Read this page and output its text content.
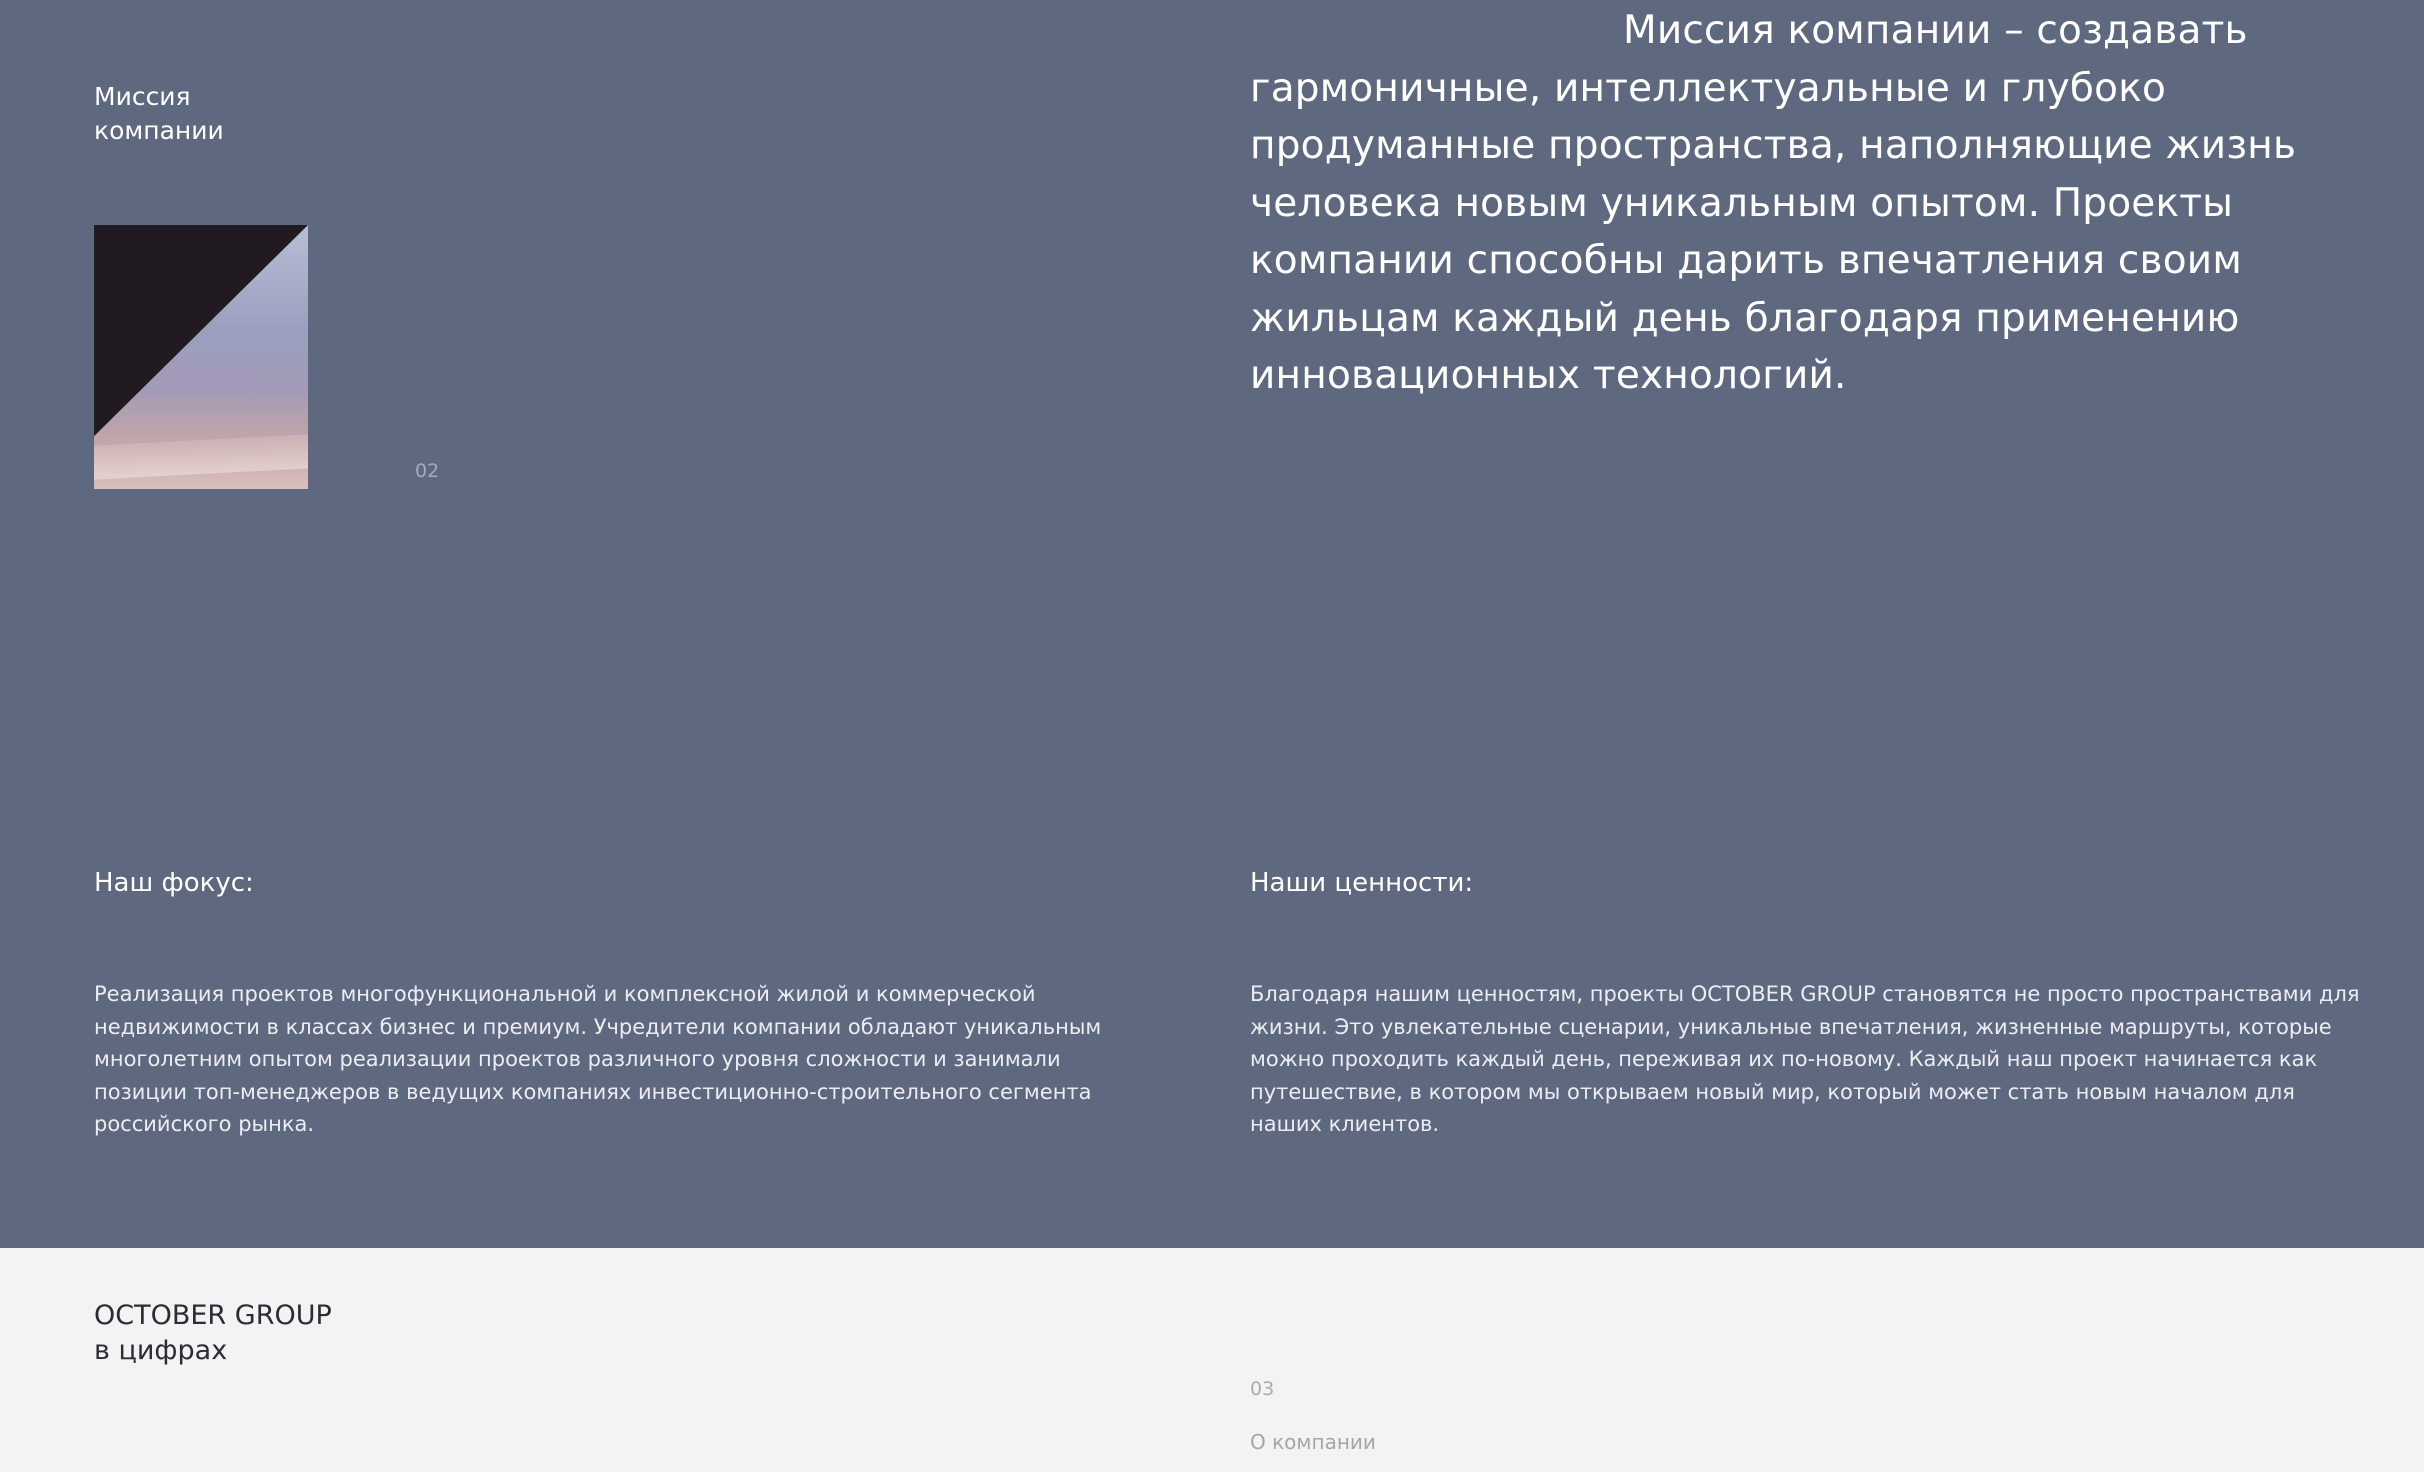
Миссия
компании
02

Миссия компании – создавать гармоничные, интеллектуальные и глубоко продуманные пространства, наполняющие жизнь человека новым уникальным опытом. Проекты компании способны дарить впечатления своим жильцам каждый день благодаря применению инновационных технологий.

Наш фокус:

Реализация проектов многофункциональной и комплексной жилой и коммерческой недвижимости в классах бизнес и премиум. Учредители компании обладают уникальным многолетним опытом реализации проектов различного уровня сложности и занимали позиции топ-менеджеров в ведущих компаниях инвестиционно-строительного сегмента российского рынка.

Наши ценности:

Благодаря нашим ценностям, проекты OCTOBER GROUP становятся не просто пространствами для жизни. Это увлекательные сценарии, уникальные впечатления, жизненные маршруты, которые можно проходить каждый день, переживая их по-новому. Каждый наш проект начинается как путешествие, в котором мы открываем новый мир, который может стать новым началом для наших клиентов.

OCTOBER GROUP
в цифрах
03
О компании
